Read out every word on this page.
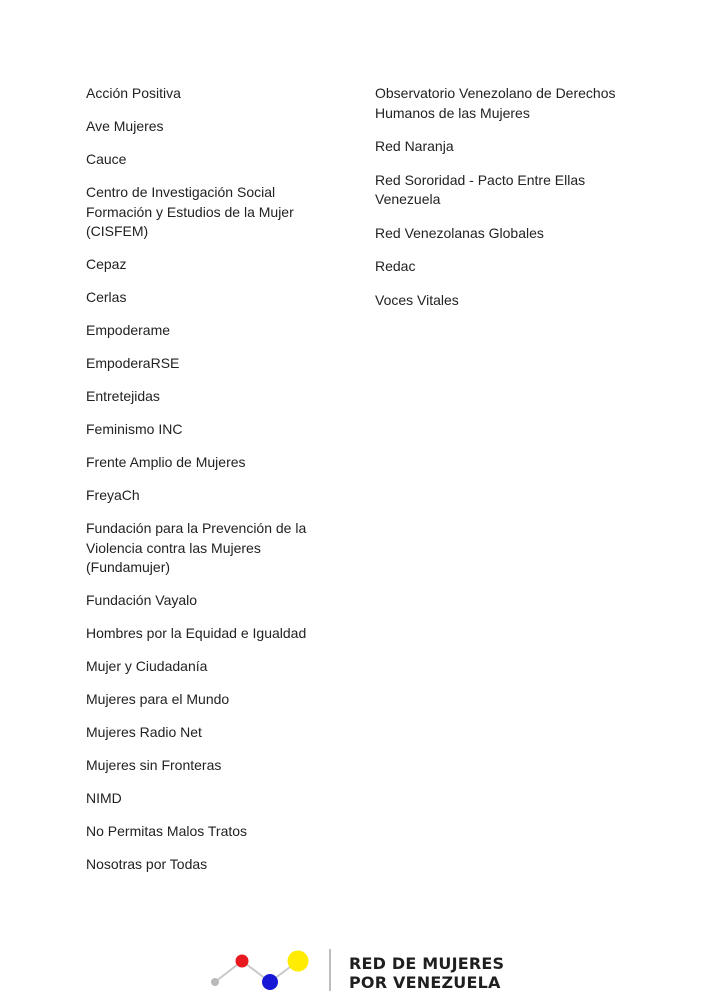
Acción Positiva
Ave Mujeres
Cauce
Centro de Investigación Social
Formación y Estudios de la Mujer
(CISFEM)
Cepaz
Cerlas
Empoderame
EmpoderaRSE
Entretejidas
Feminismo INC
Frente Amplio de Mujeres
FreyaCh
Fundación para la Prevención de la
Violencia contra las Mujeres
(Fundamujer)
Fundación Vayalo
Hombres por la Equidad e Igualdad
Mujer y Ciudadanía
Mujeres para el Mundo
Mujeres Radio Net
Mujeres sin Fronteras
NIMD
No Permitas Malos Tratos
Nosotras por Todas
Observatorio Venezolano de Derechos
Humanos de las Mujeres
Red Naranja
Red Sororidad - Pacto Entre Ellas
Venezuela
Red Venezolanas Globales
Redac
Voces Vitales
RED DE MUJERES
POR VENEZUELA
